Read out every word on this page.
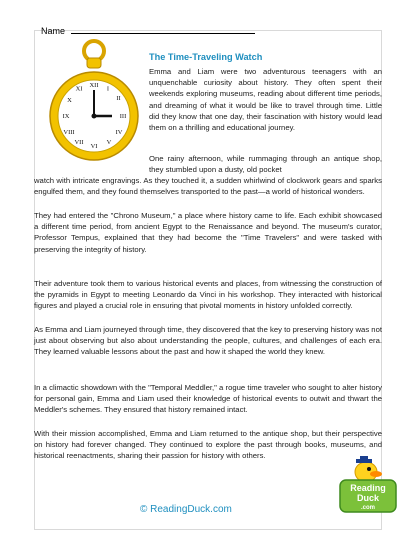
Name
XII I
II
III
IV
V
VI
VII
VIII
IX
X
XI
The Time-Traveling Watch

Emma and Liam were two adventurous teenagers with an unquenchable curiosity about history. They often spent their weekends exploring museums, reading about different time periods, and dreaming of what it would be like to travel through time. Little did they know that one day, their fascination with history would lead them on a thrilling and educational journey.

One rainy afternoon, while rummaging through an antique shop, they stumbled upon a dusty, old pocket

watch with intricate engravings. As they touched it, a sudden whirlwind of clockwork gears and sparks engulfed them, and they found themselves transported to the past—a world of historical wonders.

They had entered the "Chrono Museum," a place where history came to life. Each exhibit showcased a different time period, from ancient Egypt to the Renaissance and beyond. The museum's curator, Professor Tempus, explained that they had become the "Time Travelers" and were tasked with preserving the integrity of history.

Their adventure took them to various historical events and places, from witnessing the construction of the pyramids in Egypt to meeting Leonardo da Vinci in his workshop. They interacted with historical figures and played a crucial role in ensuring that pivotal moments in history unfolded correctly.

As Emma and Liam journeyed through time, they discovered that the key to preserving history was not just about observing but also about understanding the people, cultures, and challenges of each era. They learned valuable lessons about the past and how it shaped the world they knew.

In a climactic showdown with the "Temporal Meddler," a rogue time traveler who sought to alter history for personal gain, Emma and Liam used their knowledge of historical events to outwit and thwart the Meddler's schemes. They ensured that history remained intact.

With their mission accomplished, Emma and Liam returned to the antique shop, but their perspective on history had forever changed. They continued to explore the past through books, museums, and historical reenactments, sharing their passion for history with others.

© ReadingDuck.com
Reading
Duck
.com
